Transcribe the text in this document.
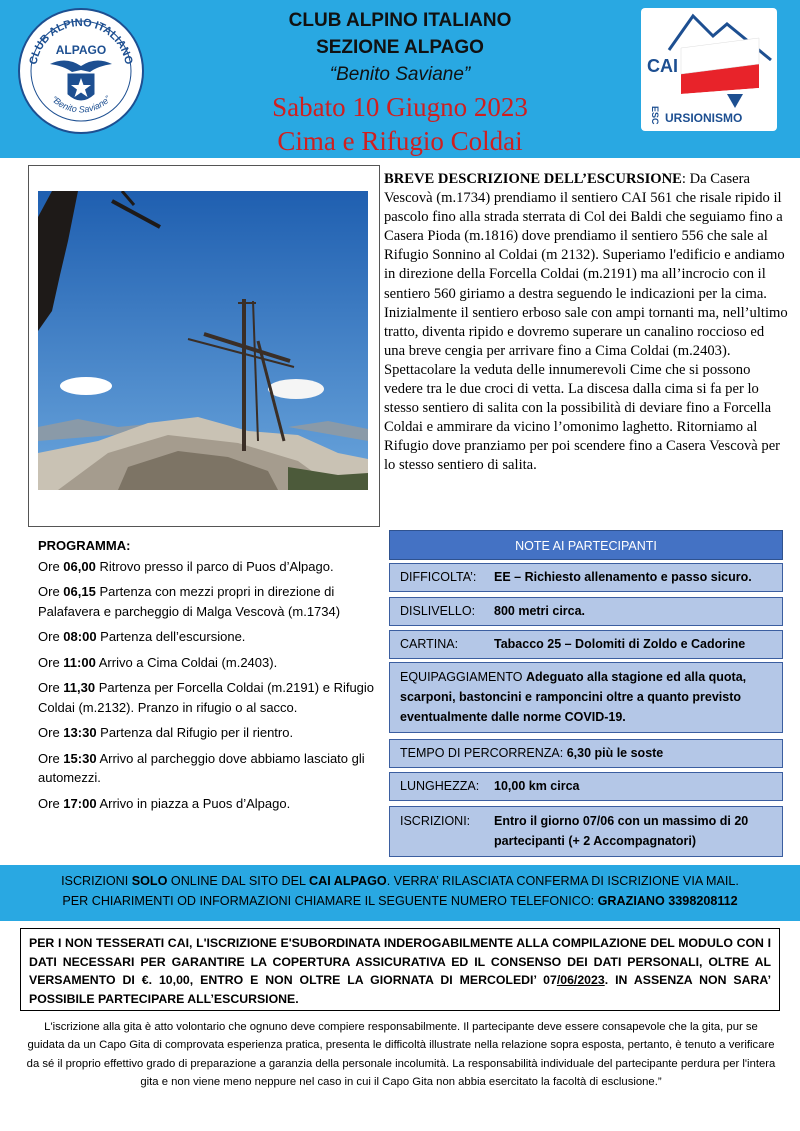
CLUB ALPINO ITALIANO
ALPAGO
“Benito Saviane”
CAI
ESC URSIONISMO
CLUB ALPINO ITALIANO
SEZIONE ALPAGO
“Benito Saviane”
Sabato 10 Giugno 2023
Cima e Rifugio Coldai
BREVE DESCRIZIONE DELL’ESCURSIONE: Da Casera Vescovà (m.1734) prendiamo il sentiero CAI 561 che risale ripido il pascolo fino alla strada sterrata di Col dei Baldi che seguiamo fino a Casera Pioda (m.1816) dove prendiamo il sentiero 556 che sale al Rifugio Sonnino al Coldai (m 2132). Superiamo l'edificio e andiamo in direzione della Forcella Coldai (m.2191) ma all’incrocio con il sentiero 560 giriamo a destra seguendo le indicazioni per la cima. Inizialmente il sentiero erboso sale con ampi tornanti ma, nell’ultimo tratto, diventa ripido e dovremo superare un canalino roccioso ed una breve cengia per arrivare fino a Cima Coldai (m.2403). Spettacolare la veduta delle innumerevoli Cime che si possono vedere tra le due croci di vetta. La discesa dalla cima si fa per lo stesso sentiero di salita con la possibilità di deviare fino a Forcella Coldai e ammirare da vicino l’omonimo laghetto. Ritorniamo al Rifugio dove pranziamo per poi scendere fino a Casera Vescovà per lo stesso sentiero di salita.
PROGRAMMA:
Ore 06,00 Ritrovo presso il parco di Puos d’Alpago.
Ore 06,15 Partenza con mezzi propri in direzione di Palafavera e parcheggio di Malga Vescovà (m.1734)
Ore 08:00 Partenza dell’escursione.
Ore 11:00 Arrivo a Cima Coldai (m.2403).
Ore 11,30 Partenza per Forcella Coldai (m.2191) e Rifugio Coldai (m.2132). Pranzo in rifugio o al sacco.
Ore 13:30 Partenza dal Rifugio per il rientro.
Ore 15:30 Arrivo al parcheggio dove abbiamo lasciato gli automezzi.
Ore 17:00 Arrivo in piazza a Puos d’Alpago.
NOTE AI PARTECIPANTI
DIFFICOLTA’: EE – Richiesto allenamento e passo sicuro.
DISLIVELLO: 800 metri circa.
CARTINA:	Tabacco 25 – Dolomiti di Zoldo e Cadorine
EQUIPAGGIAMENTO Adeguato alla stagione ed alla quota, scarponi, bastoncini e ramponcini oltre a quanto previsto eventualmente dalle norme COVID-19.
TEMPO DI PERCORRENZA: 6,30 più le soste
LUNGHEZZA: 10,00 km circa
ISCRIZIONI: Entro il giorno 07/06 con un massimo di 20
partecipanti (+ 2 Accompagnatori)
ISCRIZIONI SOLO ONLINE DAL SITO DEL CAI ALPAGO. VERRA’ RILASCIATA CONFERMA DI ISCRIZIONE VIA MAIL.
PER CHIARIMENTI OD INFORMAZIONI CHIAMARE IL SEGUENTE NUMERO TELEFONICO: GRAZIANO 3398208112
PER I NON TESSERATI CAI, L'ISCRIZIONE E'SUBORDINATA INDEROGABILMENTE ALLA COMPILAZIONE DEL MODULO CON I DATI NECESSARI PER GARANTIRE LA COPERTURA ASSICURATIVA ED IL CONSENSO DEI DATI PERSONALI, OLTRE AL VERSAMENTO DI €. 10,00, ENTRO E NON OLTRE LA GIORNATA DI MERCOLEDI’ 07/06/2023. IN ASSENZA NON SARA’ POSSIBILE PARTECIPARE ALL’ESCURSIONE.
L'iscrizione alla gita è atto volontario che ognuno deve compiere responsabilmente. Il partecipante deve essere consapevole che la gita, pur se guidata da un Capo Gita di comprovata esperienza pratica, presenta le difficoltà illustrate nella relazione sopra esposta, pertanto, è tenuto a verificare da sé il proprio effettivo grado di preparazione a garanzia della personale incolumità. La responsabilità individuale del partecipante perdura per l'intera gita e non viene meno neppure nel caso in cui il Capo Gita non abbia esercitato la facoltà di esclusione.”
